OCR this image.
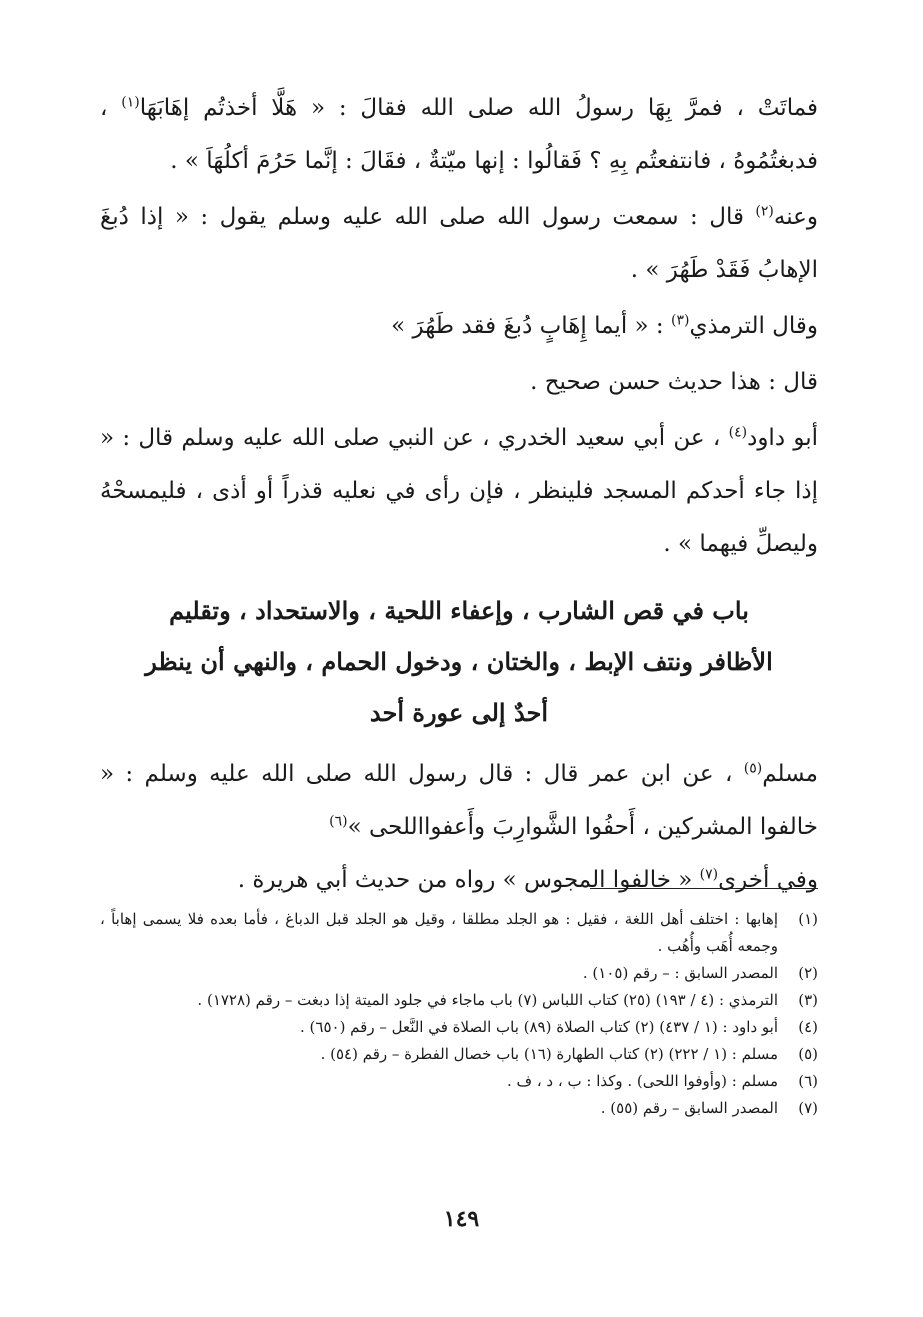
فماتَتْ ، فمرَّ بِهَا رسولُ الله صلى الله فقالَ : « هَلَّا أخذتُم إهَابَهَا$^{(١)}$ ، فدبغتُمُوهُ ، فانتفعتُم بِهِ ؟ فَقالُوا : إنها ميّتةٌ ، فقَالَ : إنَّما حَرُمَ أكلُهَاَ » .

وعنه$^{(٢)}$ قال : سمعت رسول الله صلى الله عليه وسلم يقول : « إذا دُبغَ الإهابُ فَقَدْ طَهُرَ » .

وقال الترمذي$^{(٣)}$ : « أيما إِهَابٍ دُبغَ فقد طَهُرَ »

قال : هذا حديث حسن صحيح .

أبو داود$^{(٤)}$ ، عن أبي سعيد الخدري ، عن النبي صلى الله عليه وسلم قال : « إذا جاء أحدكم المسجد فلينظر ، فإن رأى في نعليه قذراً أو أذى ، فليمسحْهُ وليصلِّ فيهما » .

باب في قص الشارب ، وإعفاء اللحية ، والاستحداد ، وتقليم الأظافر ونتف الإبط ، والختان ، ودخول الحمام ، والنهي أن ينظر أحدٌ إلى عورة أحد

مسلم$^{(٥)}$ ، عن ابن عمر قال : قال رسول الله صلى الله عليه وسلم : « خالفوا المشركين ، أَحفُوا الشَّوارِبَ وأَعفوااللحى »$^{(٦)}$

وفي أخرى$^{(٧)}$ « خالفوا المجوس » رواه من حديث أبي هريرة .

(١)
إهابها : اختلف أهل اللغة ، فقيل : هو الجلد مطلقا ، وقيل هو الجلد قبل الدباغ ، فأما بعده فلا يسمى إهاباً ، وجمعه أُهَب وأُهُب .
(٢)
المصدر السابق : – رقم (١٠٥) .
(٣)
الترمذي : (٤ / ١٩٣) (٢٥) كتاب اللباس (٧) باب ماجاء في جلود الميتة إذا دبغت – رقم (١٧٢٨) .
(٤)
أبو داود : (١ / ٤٣٧) (٢) كتاب الصلاة (٨٩) باب الصلاة في النَّعل – رقم (٦٥٠) .
(٥)
مسلم : (١ / ٢٢٢) (٢) كتاب الطهارة (١٦) باب خصال الفطرة – رقم (٥٤) .
(٦)
مسلم : (وأوفوا اللحى) . وكذا : ب ، د ، ف .
(٧)
المصدر السابق – رقم (٥٥) .
١٤٩
